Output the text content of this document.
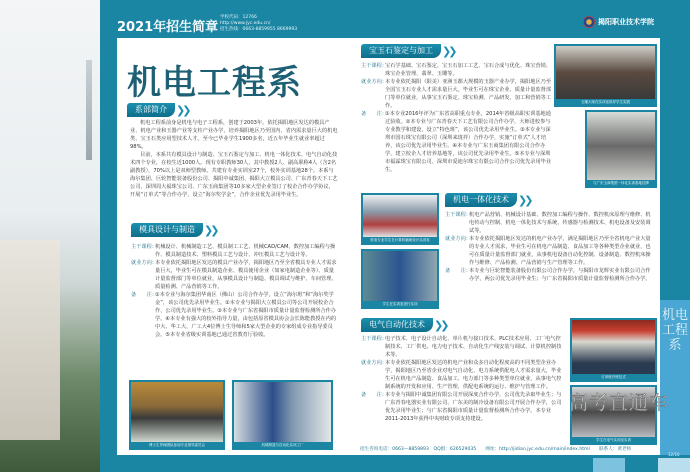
2021年招生简章
学校代码：12766
http://www.jyc.edu.cn/
招生热线：0663-8859955 8669993
揭阳职业技术学院
机电工程系
系部简介 ❯❯

机电工程系前身是机电与电子工程系，创建于2003年。依托揭阳地区发达的模具产业、机电产业和玉器产业等支柱产业办学，培养揭阳地区乃至国内、省内需求量巨大的机电类、宝玉石类应用型技术人才。至今已毕业学生1900多名，近五年毕业生就业率超过98%。

目前，本系共有模具设计与制造、宝玉石鉴定与加工、机电一体化技术、电气自动化技术四个专业，在校生近1000人。现有专职教师30人，其中教授2人、副高职称4人（含2名副教授），70%以上是双师型教师。共建有专业实训室27个，校外实训基地28个。本系与海尔集团、巨轮智能装备股份公司、揭阳中诚集团、揭阳大立模具公司、广东青春天下工艺公司、深圳周大福珠宝公司、广东玉商集团等10多家大型企业签订了校企合作办学协议，开展“订单式”等合作办学，设立“海尔奖学金”，合作企业优先录用毕业生。

模具设计与制造 ❯❯
主干课程：
机械设计、机械制造工艺、模具制工工艺、机械CAD/CAM、数控加工编程与操作、模具制造技术、塑料模具工艺与设计、冲压模具工艺与设计等。
就业方向：
本专业依托揭阳地区发达的模具产业办学，揭阳地区乃至全省模具专业人才需求量巨大，毕业生可在模具制造企业、模具使用企业（如家电制造企业等）、质量计量监督部门等单位就业，从事模具设计与制造、模具调试与维护、车间管理、质量检测、产品营销等工作。
备　　注：
①本专业与海尔集团华南区（佛山）公司合作办学，设立“海尔班”和“海尔奖学金”，该公司优先录用毕业生。②本专业与揭阳大立模具公司等公司开展校企合作，公司优先录用毕业生。③本专业与广东省揭阳市质量计量监督检测所合作办学。④本专业有强大的校外指导力量，由包括原省模具协会会长陈能教授在内的中大、华工大、广工大4位博士生导师和5家大型企业的专家组成专业指导委员会。⑤本专业省级实训基地已通过省教育厅验收。
博士生导师团队参加专业指导委员会	机械制造与自动化实训工厂
宝玉石鉴定与加工 ❯❯
主干课程：
宝石学基础、宝石鉴定、宝玉石加工工艺、宝石合成与优化、珠宝营销、珠宝企业管理、翡翠、玉雕等。
就业方向：
本专业依托揭阳（阳美）亚洲玉都大规模的玉器产业办学，揭阳地区乃至全国宝玉石专业人才需求量巨大。毕业生可在珠宝企业、质量计量监督部门等单位就业，从事宝玉石鉴定、珠宝检测、产品研发、加工和营销等工作。
备　　注：
①本专业2016年评为广东省高职重点专业，2014年省级高职实训基地通过验收。②本专业与广东青春天下工艺有限公司合作办学，大师进校参与专业教学和建设，设立“特色班”，该公司优先录用毕业生。③本专业与深圳市国石珠宝有限公司（深圳来珑祥）合作办学，实施“订单式”人才培养，该公司优先录用毕业生。④本专业与广东玉商集团有限公司合作办学，建立校企人才培养基地等，该公司优先录用毕业生。⑤本专业与深圳市福霖珠宝有限公司、深圳市爱迪尔珠宝有限公司合作公司优先录用毕业生。
玉雕大师在实训室指导学生实践
与广东玉商集团一体化实训基地挂牌
机电专业学生在计算机辅助设计实训室
学生在实训室进行实训
机电一体化技术 ❯❯
主干课程：
机电产品营销、机械设计基础、数控加工编程与操作、数控机床原理与维修、机电传动与控制、机电一体化技术与系统、传感器与检测技术、机电设备及安装调试等。
就业方向：
本专业依托揭阳地区发达的机电产业办学，满足揭阳地区乃至全省机电产业大量的专业人才需求，毕业生可在机电产品制造、食品加工等各种类型企业就业，也可在质量计量监督部门就业，从事机电设备自动化控制、设备制造、数控机床操作与维修、产品检测、产品营销与生产管理等工作。
备　　注：
本专业与巨轮智能装备股份有限公司合作办学。与揭阳市龙辉实业有限公司合作办学，两公司优先录用毕业生；与广东省揭阳市质量计量监督检测所合作办学。
电气自动化技术 ❯❯
主干课程：
电子技术、电子设计自动化、单片机与接口技术、PLC技术应用、工厂电气控制技术、工厂供电、电力电子技术、自动化生产线安装与调试、计算机控制技术等。
就业方向：
本专业依托揭阳地区发达的机电产业和众多自动化程度高的不同类型企业办学，揭阳地区乃至省企业对电气自动化、电力系统供配电人才需求量大，毕业生可在机电产品制造、食品加工、电力部门等多种类型单位就业，从事电气控制系统的开发和应用、生产管理、供配电系统的运行、维护与管理工作。
备　　注：
本专业与揭阳中诚集团有限公司开展深度合作办学，公司优先录取毕业生；与广东青春电器实业有限公司、广东美的制冷设备有限公司开展合作办学，公司优先录用毕业生；与广东省揭阳市质量计量监督检测所合作办学。本专业2011-2013年获得中央财政专项支持建设。
订单班开班仪式
学生在电气实训室实训
招生咨询电话：0663—8859893　QQ群：626529035　　网址：http://jidian.jyc.edu.cn/main/index.html　　联系人：黄老师
机电工程系
12/16
高考直通车
